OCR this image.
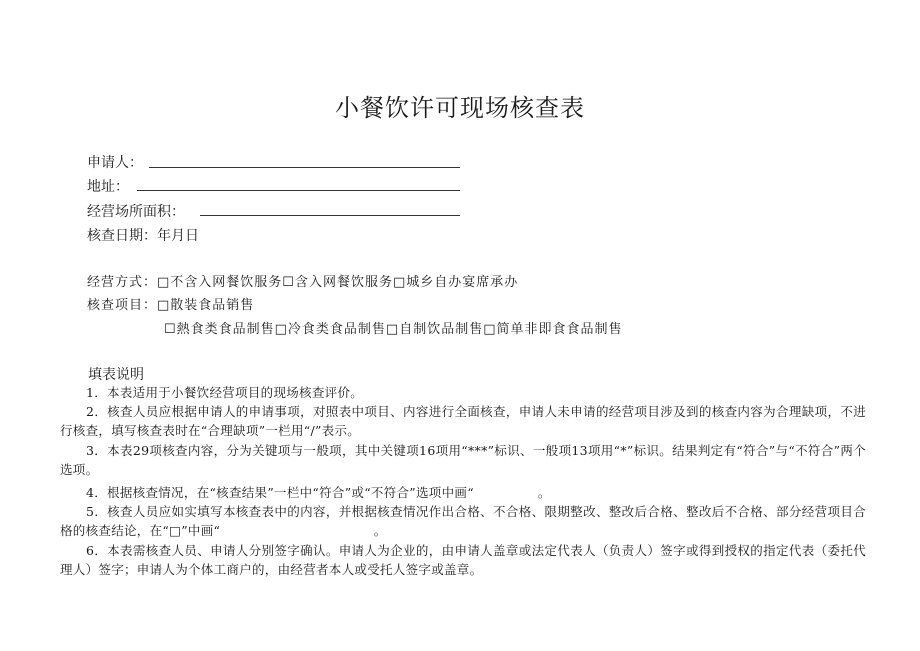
小餐饮许可现场核查表
申请人：
地址：
经营场所面积：
核查日期：年月日
经营方式：□不含入网餐饮服务☐含入网餐饮服务□城乡自办宴席承办
核查项目：□散装食品销售
☐熱食类食品制售□冷食类食品制售□自制饮品制售□简单非即食食品制售
填表说明
1．本表适用于小餐饮经营项目的现场核查评价。
2．核查人员应根据申请人的申请事项，对照表中项目、内容进行全面核查，申请人未申请的经营项目涉及到的核查内容为合理缺项，不进行核查，填写核查表时在“合理缺项”一栏用“/”表示。
3．本表29项核查内容，分为关键项与一般项，其中关键项16项用“***”标识、一般项13项用“*”标识。结果判定有“符合”与“不符合”两个选项。
4．根据核查情况，在“核查结果”一栏中“符合”或“不符合”选项中画“　　　　　。
5．核查人员应如实填写本核查表中的内容，并根据核查情况作出合格、不合格、限期整改、整改后合格、整改后不合格、部分经营项目合格的核查结论，在“□”中画“　　　　　　　　　　　　。
6．本表需核查人员、申请人分别签字确认。申请人为企业的，由申请人盖章或法定代表人（负责人）签字或得到授权的指定代表（委托代理人）签字；申请人为个体工商户的，由经营者本人或受托人签字或盖章。
